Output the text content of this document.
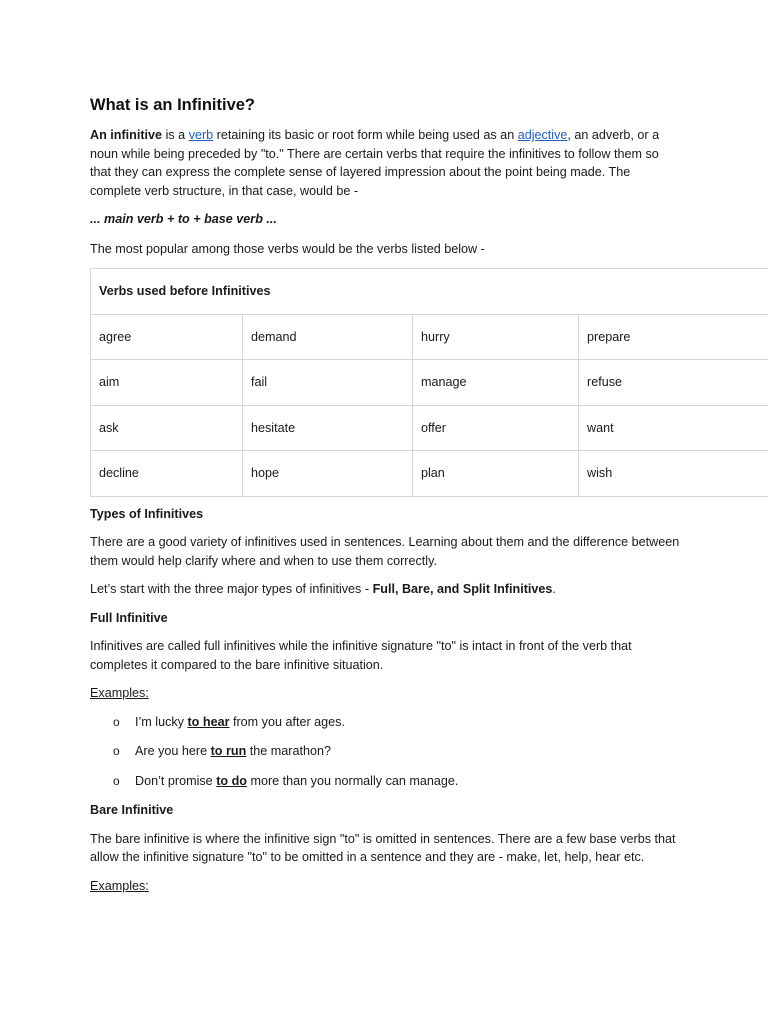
What is an Infinitive?

An infinitive is a verb retaining its basic or root form while being used as an adjective, an adverb, or a noun while being preceded by "to." There are certain verbs that require the infinitives to follow them so that they can express the complete sense of layered impression about the point being made. The complete verb structure, in that case, would be -

... main verb + to + base verb ...

The most popular among those verbs would be the verbs listed below -

Verbs used before Infinitives			
agree	demand	hurry	prepare
aim	fail	manage	refuse
ask	hesitate	offer	want
decline	hope	plan	wish

Types of Infinitives

There are a good variety of infinitives used in sentences. Learning about them and the difference between them would help clarify where and when to use them correctly.

Let’s start with the three major types of infinitives - Full, Bare, and Split Infinitives.

Full Infinitive

Infinitives are called full infinitives while the infinitive signature "to" is intact in front of the verb that completes it compared to the bare infinitive situation.

Examples:

o I’m lucky to hear from you after ages.
o Are you here to run the marathon?
o Don’t promise to do more than you normally can manage.

Bare Infinitive

The bare infinitive is where the infinitive sign "to" is omitted in sentences. There are a few base verbs that allow the infinitive signature "to" to be omitted in a sentence and they are - make, let, help, hear etc.

Examples:
